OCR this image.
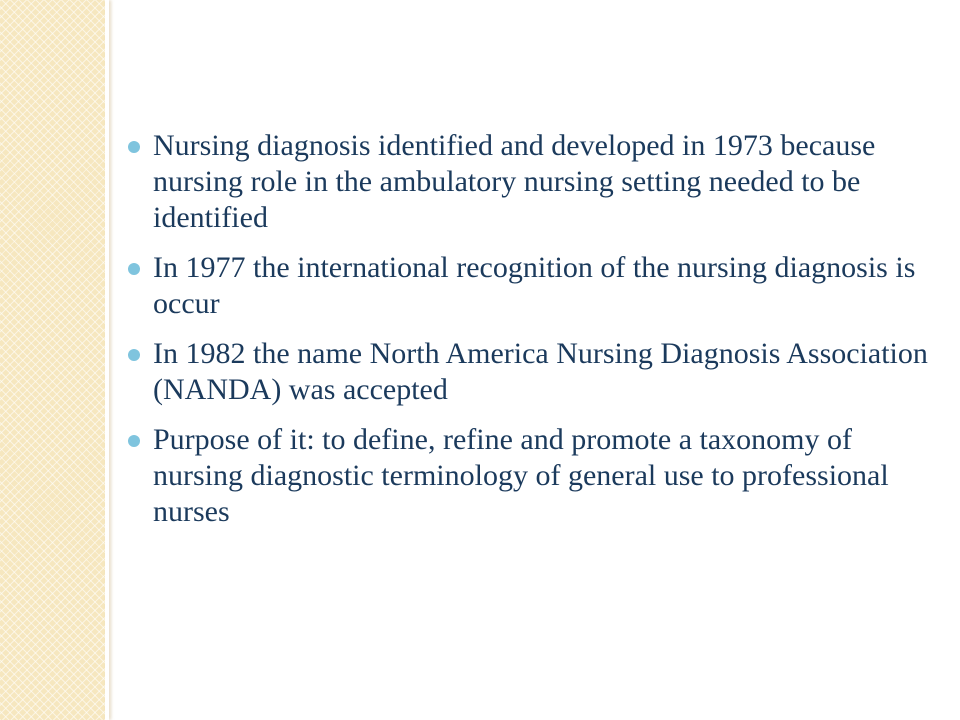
Nursing diagnosis identified and developed in 1973 because nursing role in the ambulatory nursing setting needed to be identified
In 1977 the international recognition of the nursing diagnosis is occur
In 1982 the name North America Nursing Diagnosis Association (NANDA) was accepted
Purpose of it: to define, refine and promote a taxonomy of nursing diagnostic terminology of general use to professional nurses
